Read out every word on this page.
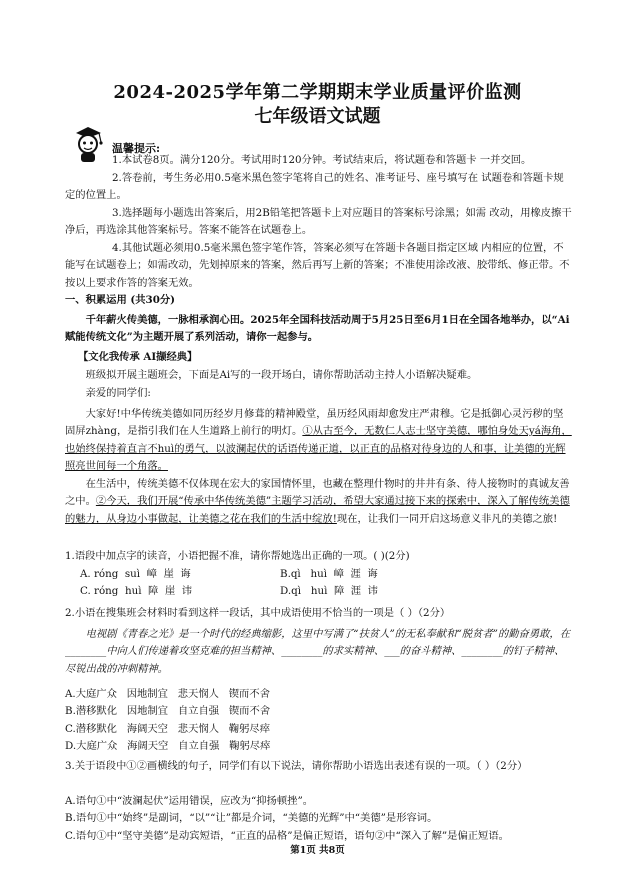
2024-2025学年第二学期期末学业质量评价监测
七年级语文试题
温馨提示:
1.本试卷8页。满分120分。考试用时120分钟。考试结束后，将试题卷和答题卡 一并交回。
2.答卷前，考生务必用0.5毫米黑色签字笔将自己的姓名、准考证号、座号填写在 试题卷和答题卡规定的位置上。
3.选择题每小题选出答案后，用2B铅笔把答题卡上对应题目的答案标号涂黑；如需 改动，用橡皮擦干净后，再选涂其他答案标号。答案不能答在试题卷上。
4.其他试题必须用0.5毫米黑色签字笔作答，答案必须写在答题卡各题目指定区域 内相应的位置，不能写在试题卷上；如需改动，先划掉原来的答案，然后再写上新的答案；不准使用涂改液、胶带纸、修正带。不按以上要求作答的答案无效。
一、积累运用 (共30分)
千年薪火传美德，一脉相承润心田。2025年全国科技活动周于5月25日至6月1日在全国各地举办，以“Ai赋能传统文化”为主题开展了系列活动，请你一起参与。
【文化我传承 AI撷经典】
班级拟开展主题班会，下面是Ai写的一段开场白，请你帮助活动主持人小语解决疑难。
亲爱的同学们:
大家好!中华传统美德如同历经岁月修葺的精神殿堂，虽历经风雨却愈发庄严肃穆。它是抵御心灵污秽的坚固屏zhàng，是指引我们在人生道路上前行的明灯。①从古至今，无数仁人志士坚守美德，哪怕身处天yá海角，也始终保持着直言不huì的勇气，以波澜起伏的话语传递正道，以正直的品格对待身边的人和事，让美德的光辉照亮世间每一个角落。
在生活中，传统美德不仅体现在宏大的家国情怀里，也藏在整理什物时的井井有条、待人接物时的真诚友善之中。②今天，我们开展“传承中华传统美德”主题学习活动，希望大家通过接下来的探索中，深入了解传统美德的魅力，从身边小事做起，让美德之花在我们的生活中绽放!现在，让我们一同开启这场意义非凡的美德之旅!
1.语段中加点字的读音，小语把握不准，请你帮她选出正确的一项。( )(2分)
A. róng  suì  嶂  崖  诲	B.qì   huì  嶂  涯  诲
C. róng  huì  障  崖  讳	D.qì   huì  障  涯  讳
2.小语在搜集班会材料时看到这样一段话，其中成语使用不恰当的一项是（ ）（2分）
电视剧《青春之光》是一个时代的经典缩影，这里中写满了“扶贫人”的无私奉献和“脱贫者”的勤奋勇敢，在________中向人们传递着攻坚克难的担当精神、________的求实精神、___的奋斗精神、________的钉子精神、尽锐出战的冲刺精神。
A.大庭广众   因地制宜   悲天悯人   锲而不舍
B.潜移默化   因地制宜   自立自强   锲而不舍
C.潜移默化   海阔天空   悲天悯人   鞠躬尽瘁
D.大庭广众   海阔天空   自立自强   鞠躬尽瘁
3.关于语段中①②画横线的句子，同学们有以下说法，请你帮助小语选出表述有误的一项。（ ）（2分）
A.语句①中“波澜起伏”运用错误，应改为“抑扬顿挫”。
B.语句①中“始终”是副词，“以”“让”都是介词，“美德的光辉”中“美德”是形容词。
C.语句①中“坚守美德”是动宾短语，“正直的品格”是偏正短语，语句②中“深入了解”是偏正短语。
第1页 共8页
